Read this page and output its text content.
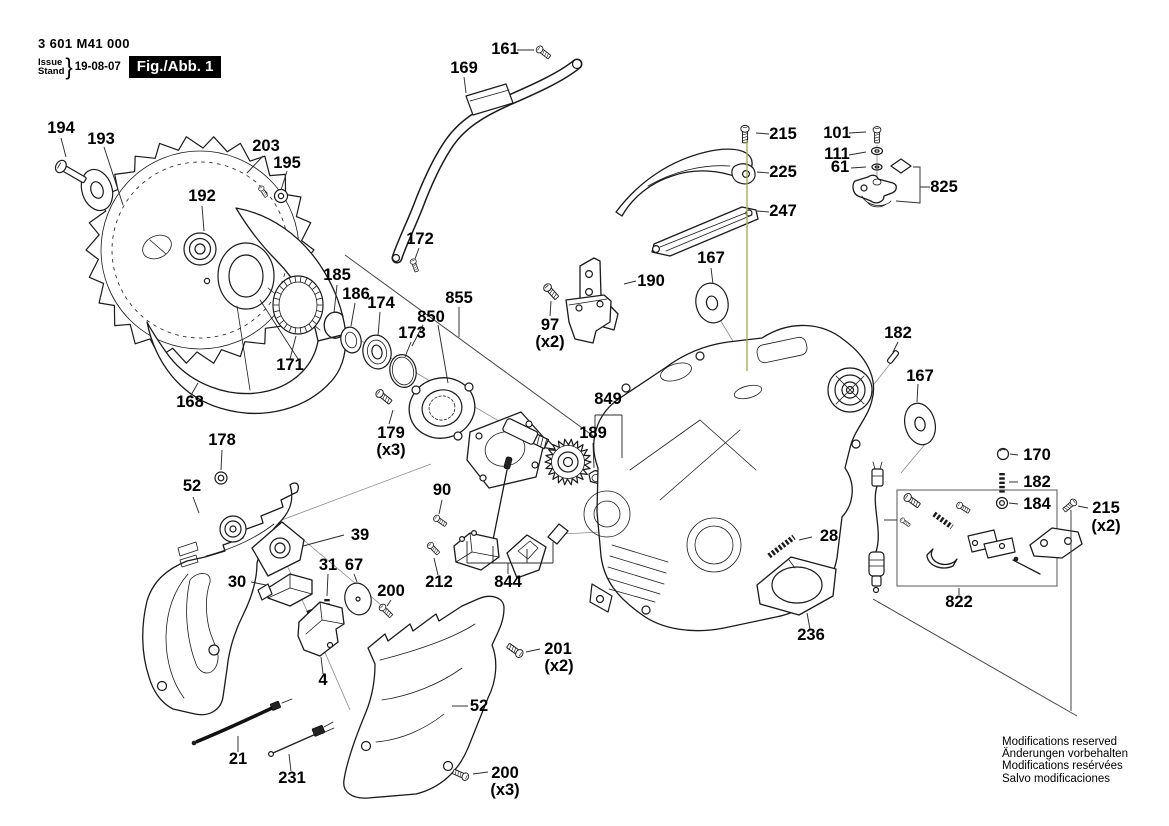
194
193	203
195
192
161
169
172
215
225
101
111
61
825
247
190
167
185
186
174	855
850
173	97
(x2)	182
167
171
168
179
(x3)
849
189
178
52	90
39
30
31 67
200 212	844
28
170
182
184	215
(x2)
822
236
4
201
(x2)
52
21
231	200
(x3)
3 601 M41 000
Issue
Stand } 19-08-07	Fig./Abb. 1
Modifications reserved
Änderungen vorbehalten
Modifications resérvées
Salvo modificaciones
